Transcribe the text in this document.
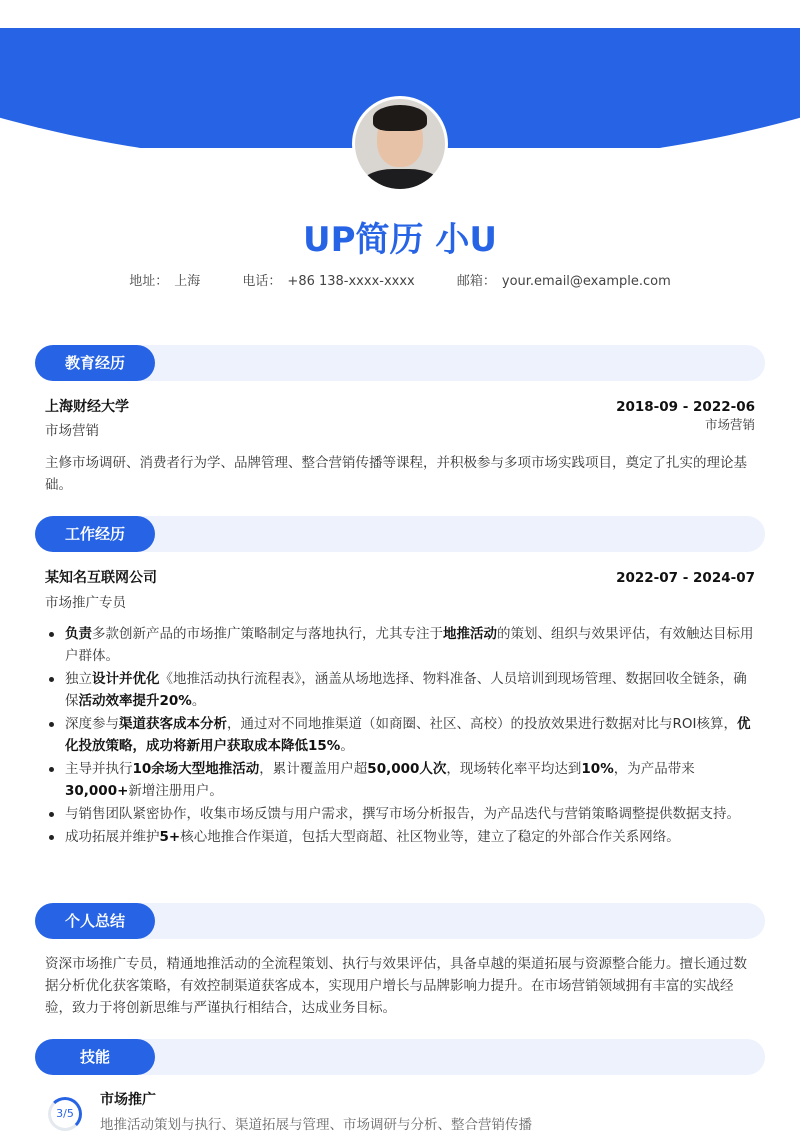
UP简历 小U
地址： 上海	电话： +86 138-xxxx-xxxx	邮箱： your.email@example.com
教育经历
上海财经大学
市场营销
2018-09 - 2022-06
市场营销
主修市场调研、消费者行为学、品牌管理、整合营销传播等课程，并积极参与多项市场实践项目，奠定了扎实的理论基础。
工作经历
某知名互联网公司
市场推广专员
2022-07 - 2024-07
负责多款创新产品的市场推广策略制定与落地执行，尤其专注于地推活动的策划、组织与效果评估，有效触达目标用户群体。
独立设计并优化《地推活动执行流程表》，涵盖从场地选择、物料准备、人员培训到现场管理、数据回收全链条，确保活动效率提升20%。
深度参与渠道获客成本分析，通过对不同地推渠道（如商圈、社区、高校）的投放效果进行数据对比与ROI核算，优化投放策略，成功将新用户获取成本降低15%。
主导并执行10余场大型地推活动，累计覆盖用户超50,000人次，现场转化率平均达到10%，为产品带来30,000+新增注册用户。
与销售团队紧密协作，收集市场反馈与用户需求，撰写市场分析报告，为产品迭代与营销策略调整提供数据支持。
成功拓展并维护5+核心地推合作渠道，包括大型商超、社区物业等，建立了稳定的外部合作关系网络。
个人总结
资深市场推广专员，精通地推活动的全流程策划、执行与效果评估，具备卓越的渠道拓展与资源整合能力。擅长通过数据分析优化获客策略，有效控制渠道获客成本，实现用户增长与品牌影响力提升。在市场营销领域拥有丰富的实战经验，致力于将创新思维与严谨执行相结合，达成业务目标。
技能
3/5
市场推广
地推活动策划与执行、渠道拓展与管理、市场调研与分析、整合营销传播
